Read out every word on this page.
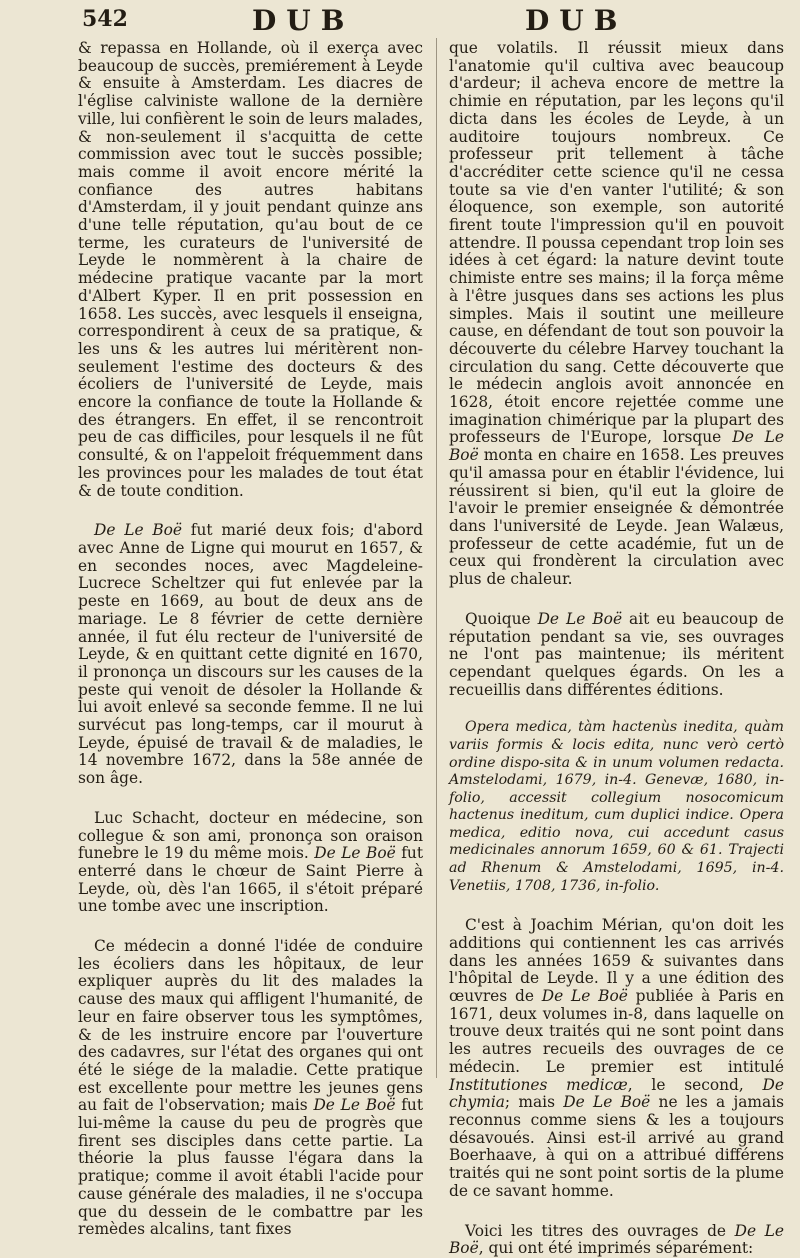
542	DUB	DUB

& repassa en Hollande, où il exerça avec beaucoup de succès, premiérement à Leyde & ensuite à Amsterdam. Les diacres de l'église calviniste wallone de la dernière ville, lui confièrent le soin de leurs malades, & non-seulement il s'acquitta de cette commission avec tout le succès possible; mais comme il avoit encore mérité la confiance des autres habitans d'Amsterdam, il y jouit pendant quinze ans d'une telle réputation, qu'au bout de ce terme, les curateurs de l'université de Leyde le nommèrent à la chaire de médecine pratique vacante par la mort d'Albert Kyper. Il en prit possession en 1658. Les succès, avec lesquels il enseigna, correspondirent à ceux de sa pratique, & les uns & les autres lui méritèrent non-seulement l'estime des docteurs & des écoliers de l'université de Leyde, mais encore la confiance de toute la Hollande & des étrangers. En effet, il se rencontroit peu de cas difficiles, pour lesquels il ne fût consulté, & on l'appeloit fréquemment dans les provinces pour les malades de tout état & de toute condition.

De Le Boë fut marié deux fois; d'abord avec Anne de Ligne qui mourut en 1657, & en secondes noces, avec Magdeleine-Lucrece Scheltzer qui fut enlevée par la peste en 1669, au bout de deux ans de mariage. Le 8 février de cette dernière année, il fut élu recteur de l'université de Leyde, & en quittant cette dignité en 1670, il prononça un discours sur les causes de la peste qui venoit de désoler la Hollande & lui avoit enlevé sa seconde femme. Il ne lui survécut pas long-temps, car il mourut à Leyde, épuisé de travail & de maladies, le 14 novembre 1672, dans la 58e année de son âge.

Luc Schacht, docteur en médecine, son collegue & son ami, prononça son oraison funebre le 19 du même mois. De Le Boë fut enterré dans le chœur de Saint Pierre à Leyde, où, dès l'an 1665, il s'étoit préparé une tombe avec une inscription.

Ce médecin a donné l'idée de conduire les écoliers dans les hôpitaux, de leur expliquer auprès du lit des malades la cause des maux qui affligent l'humanité, de leur en faire observer tous les symptômes, & de les instruire encore par l'ouverture des cadavres, sur l'état des organes qui ont été le siége de la maladie. Cette pratique est excellente pour mettre les jeunes gens au fait de l'observation; mais De Le Boë fut lui-même la cause du peu de progrès que firent ses disciples dans cette partie. La théorie la plus fausse l'égara dans la pratique; comme il avoit établi l'acide pour cause générale des maladies, il ne s'occupa que du dessein de le combattre par les remèdes alcalins, tant fixes

que volatils. Il réussit mieux dans l'anatomie qu'il cultiva avec beaucoup d'ardeur; il acheva encore de mettre la chimie en réputation, par les leçons qu'il dicta dans les écoles de Leyde, à un auditoire toujours nombreux. Ce professeur prit tellement à tâche d'accréditer cette science qu'il ne cessa toute sa vie d'en vanter l'utilité; & son éloquence, son exemple, son autorité firent toute l'impression qu'il en pouvoit attendre. Il poussa cependant trop loin ses idées à cet égard: la nature devint toute chimiste entre ses mains; il la força même à l'être jusques dans ses actions les plus simples. Mais il soutint une meilleure cause, en défendant de tout son pouvoir la découverte du célebre Harvey touchant la circulation du sang. Cette découverte que le médecin anglois avoit annoncée en 1628, étoit encore rejettée comme une imagination chimérique par la plupart des professeurs de l'Europe, lorsque De Le Boë monta en chaire en 1658. Les preuves qu'il amassa pour en établir l'évidence, lui réussirent si bien, qu'il eut la gloire de l'avoir le premier enseignée & démontrée dans l'université de Leyde. Jean Walæus, professeur de cette académie, fut un de ceux qui frondèrent la circulation avec plus de chaleur.

Quoique De Le Boë ait eu beaucoup de réputation pendant sa vie, ses ouvrages ne l'ont pas maintenue; ils méritent cependant quelques égards. On les a recueillis dans différentes éditions.

Opera medica, tàm hactenùs inedita, quàm variis formis & locis edita, nunc verò certò ordine dispo-sita & in unum volumen redacta. Amstelodami, 1679, in-4. Genevæ, 1680, in-folio, accessit collegium nosocomicum hactenus ineditum, cum duplici indice. Opera medica, editio nova, cui accedunt casus medicinales annorum 1659, 60 & 61. Trajecti ad Rhenum & Amstelodami, 1695, in-4. Venetiis, 1708, 1736, in-folio.

C'est à Joachim Mérian, qu'on doit les additions qui contiennent les cas arrivés dans les années 1659 & suivantes dans l'hôpital de Leyde. Il y a une édition des œuvres de De Le Boë publiée à Paris en 1671, deux volumes in-8, dans laquelle on trouve deux traités qui ne sont point dans les autres recueils des ouvrages de ce médecin. Le premier est intitulé Institutiones medicæ, le second, De chymia; mais De Le Boë ne les a jamais reconnus comme siens & les a toujours désavoués. Ainsi est-il arrivé au grand Boerhaave, à qui on a attribué différens traités qui ne sont point sortis de la plume de ce savant homme.

Voici les titres des ouvrages de De Le Boë, qui ont été imprimés séparément:
